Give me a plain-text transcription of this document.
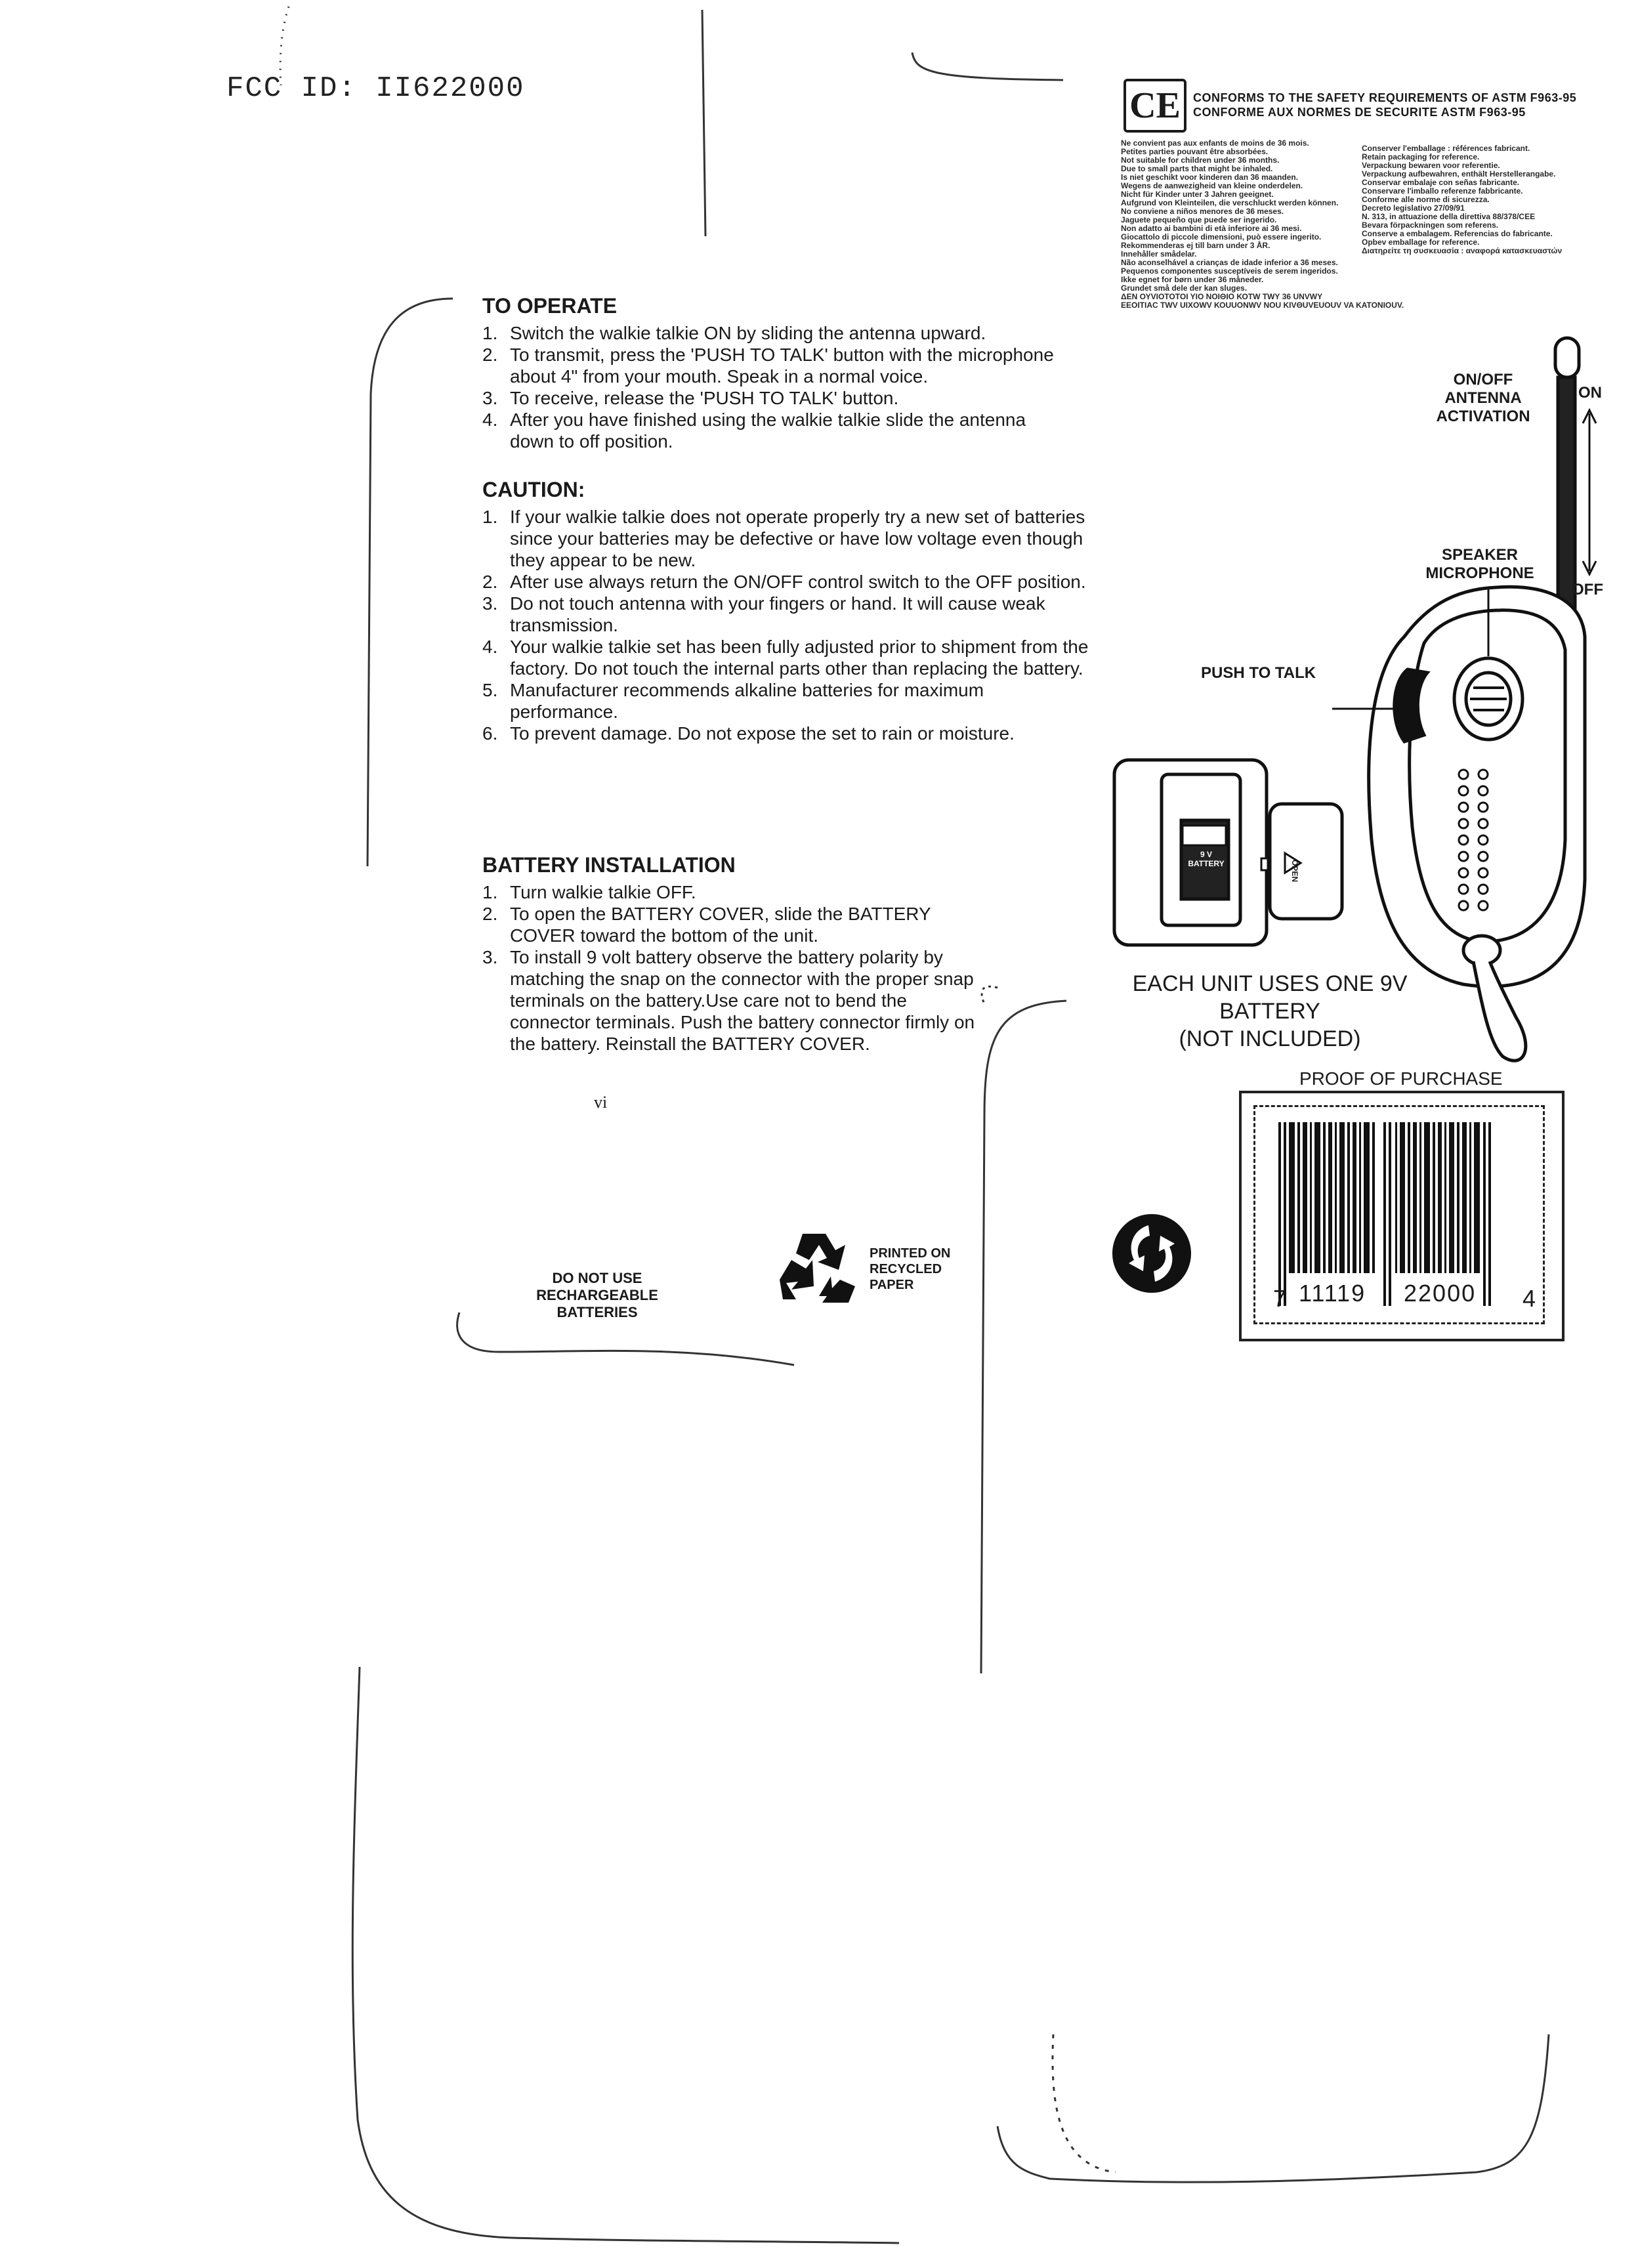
FCC ID: II622000	CE	CONFORMS TO THE SAFETY REQUIREMENTS OF ASTM F963-95
CONFORME AUX NORMES DE SECURITE ASTM F963-95
Ne convient pas aux enfants de moins de 36 mois.
Petites parties pouvant être absorbées.
Not suitable for children under 36 months.
Due to small parts that might be inhaled.
Is niet geschikt voor kinderen dan 36 maanden.
Wegens de aanwezigheid van kleine onderdelen.
Nicht für Kinder unter 3 Jahren geeignet.
Aufgrund von Kleinteilen, die verschluckt werden können.
No conviene a niños menores de 36 meses.
Jaguete pequeño que puede ser ingerido.
Non adatto ai bambini di età inferiore ai 36 mesi.
Giocattolo di piccole dimensioni, può essere ingerito.
Rekommenderas ej till barn under 3 ÅR.
Innehåller smådelar.
Não aconselhável a crianças de idade inferior a 36 meses.
Pequenos componentes susceptíveis de serem ingeridos.
Ikke egnet for børn under 36 måneder.
Grundet små dele der kan sluges.
ΔΕΝ ΟΥVΙΟΤΟΤΟΙ ΥΙΟ ΝΟΙΘΙΟ ΚΟΤW ΤWΥ 36 UΝVWΥ
ΕΕΟΙΤΙΑC ΤWV UIΧΟWV ΚΟUUΟΝWV ΝΟU ΚΙVΘUVΕUΟUV VA ΚΑΤΟΝΙΟUV.
Conserver l'emballage : références fabricant.
Retain packaging for reference.
Verpackung bewaren voor referentie.
Verpackung aufbewahren, enthält Herstellerangabe.
Conservar embalaje con señas fabricante.
Conservare l'imballo referenze fabbricante.
Conforme alle norme di sicurezza.
Decreto legislativo 27/09/91
N. 313, in attuazione della direttiva 88/378/CEE
Bevara förpackningen som referens.
Conserve a embalagem. Referencias do fabricante.
Opbev emballage for reference.
Διατηρείτε τη συσκευασία : αναφορά κατασκευαστών
TO OPERATE
1. Switch the walkie talkie ON by sliding the antenna upward.
2. To transmit, press the 'PUSH TO TALK' button with the microphone about 4" from your mouth. Speak in a normal voice.
3. To receive, release the 'PUSH TO TALK' button.
4. After you have finished using the walkie talkie slide the antenna down to off position.
CAUTION:
1. If your walkie talkie does not operate properly try a new set of batteries since your batteries may be defective or have low voltage even though they appear to be new.
2. After use always return the ON/OFF control switch to the OFF position.
3. Do not touch antenna with your fingers or hand. It will cause weak transmission.
4. Your walkie talkie set has been fully adjusted prior to shipment from the factory. Do not touch the internal parts other than replacing the battery.
5. Manufacturer recommends alkaline batteries for maximum performance.
6. To prevent damage. Do not expose the set to rain or moisture.
BATTERY INSTALLATION
1. Turn walkie talkie OFF.
2. To open the BATTERY COVER, slide the BATTERY COVER toward the bottom of the unit.
3. To install 9 volt battery observe the battery polarity by matching the snap on the connector with the proper snap terminals on the battery.Use care not to bend the connector terminals. Push the battery connector firmly on the battery. Reinstall the BATTERY COVER.
vi
ON/OFF
ANTENNA
ACTIVATION
ON
OFF
SPEAKER
MICROPHONE
PUSH TO TALK
9 V
BATTERY	OPEN
EACH UNIT USES ONE 9V BATTERY
(NOT INCLUDED)
PROOF OF PURCHASE
7 11119 22000 4
PRINTED ON
RECYCLED
PAPER
DO NOT USE
RECHARGEABLE BATTERIES
